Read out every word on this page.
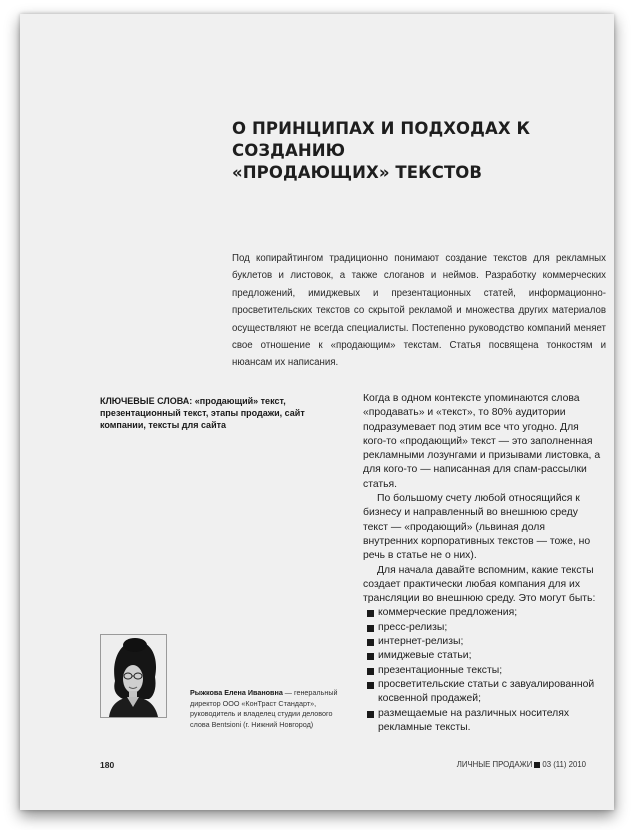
О ПРИНЦИПАХ И ПОДХОДАХ К СОЗДАНИЮ
«ПРОДАЮЩИХ» ТЕКСТОВ

Под копирайтингом традиционно понимают создание текстов для рекламных буклетов и листовок, а также слоганов и неймов. Разработку коммерческих предложений, имиджевых и презентационных статей, информационно-просветительских текстов со скрытой рекламой и множества других материалов осуществляют не всегда специалисты. Постепенно руководство компаний меняет свое отношение к «продающим» текстам. Статья посвящена тонкостям и нюансам их написания.

КЛЮЧЕВЫЕ СЛОВА: «продающий» текст, презентационный текст, этапы продажи, сайт компании, тексты для сайта

Когда в одном контексте упоминаются слова «продавать» и «текст», то 80% аудитории подразумевает под этим все что угодно. Для кого-то «продающий» текст — это заполненная рекламными лозунгами и призывами листовка, а для кого-то — написанная для спам-рассылки статья.

По большому счету любой относящийся к бизнесу и направленный во внешнюю среду текст — «продающий» (львиная доля внутренних корпоративных текстов — тоже, но речь в статье не о них).

Для начала давайте вспомним, какие тексты создает практически любая компания для их трансляции во внешнюю среду. Это могут быть:

коммерческие предложения;
пресс-релизы;
интернет-релизы;
имиджевые статьи;
презентационные тексты;
просветительские статьи с завуалированной косвенной продажей;
размещаемые на различных носителях рекламные тексты.

Рыжкова Елена Ивановна — генеральный директор ООО «КонТраст Стандарт», руководитель и владелец студии делового слова Bentsioni (г. Нижний Новгород)

180	ЛИЧНЫЕ ПРОДАЖИ 03 (11) 2010
